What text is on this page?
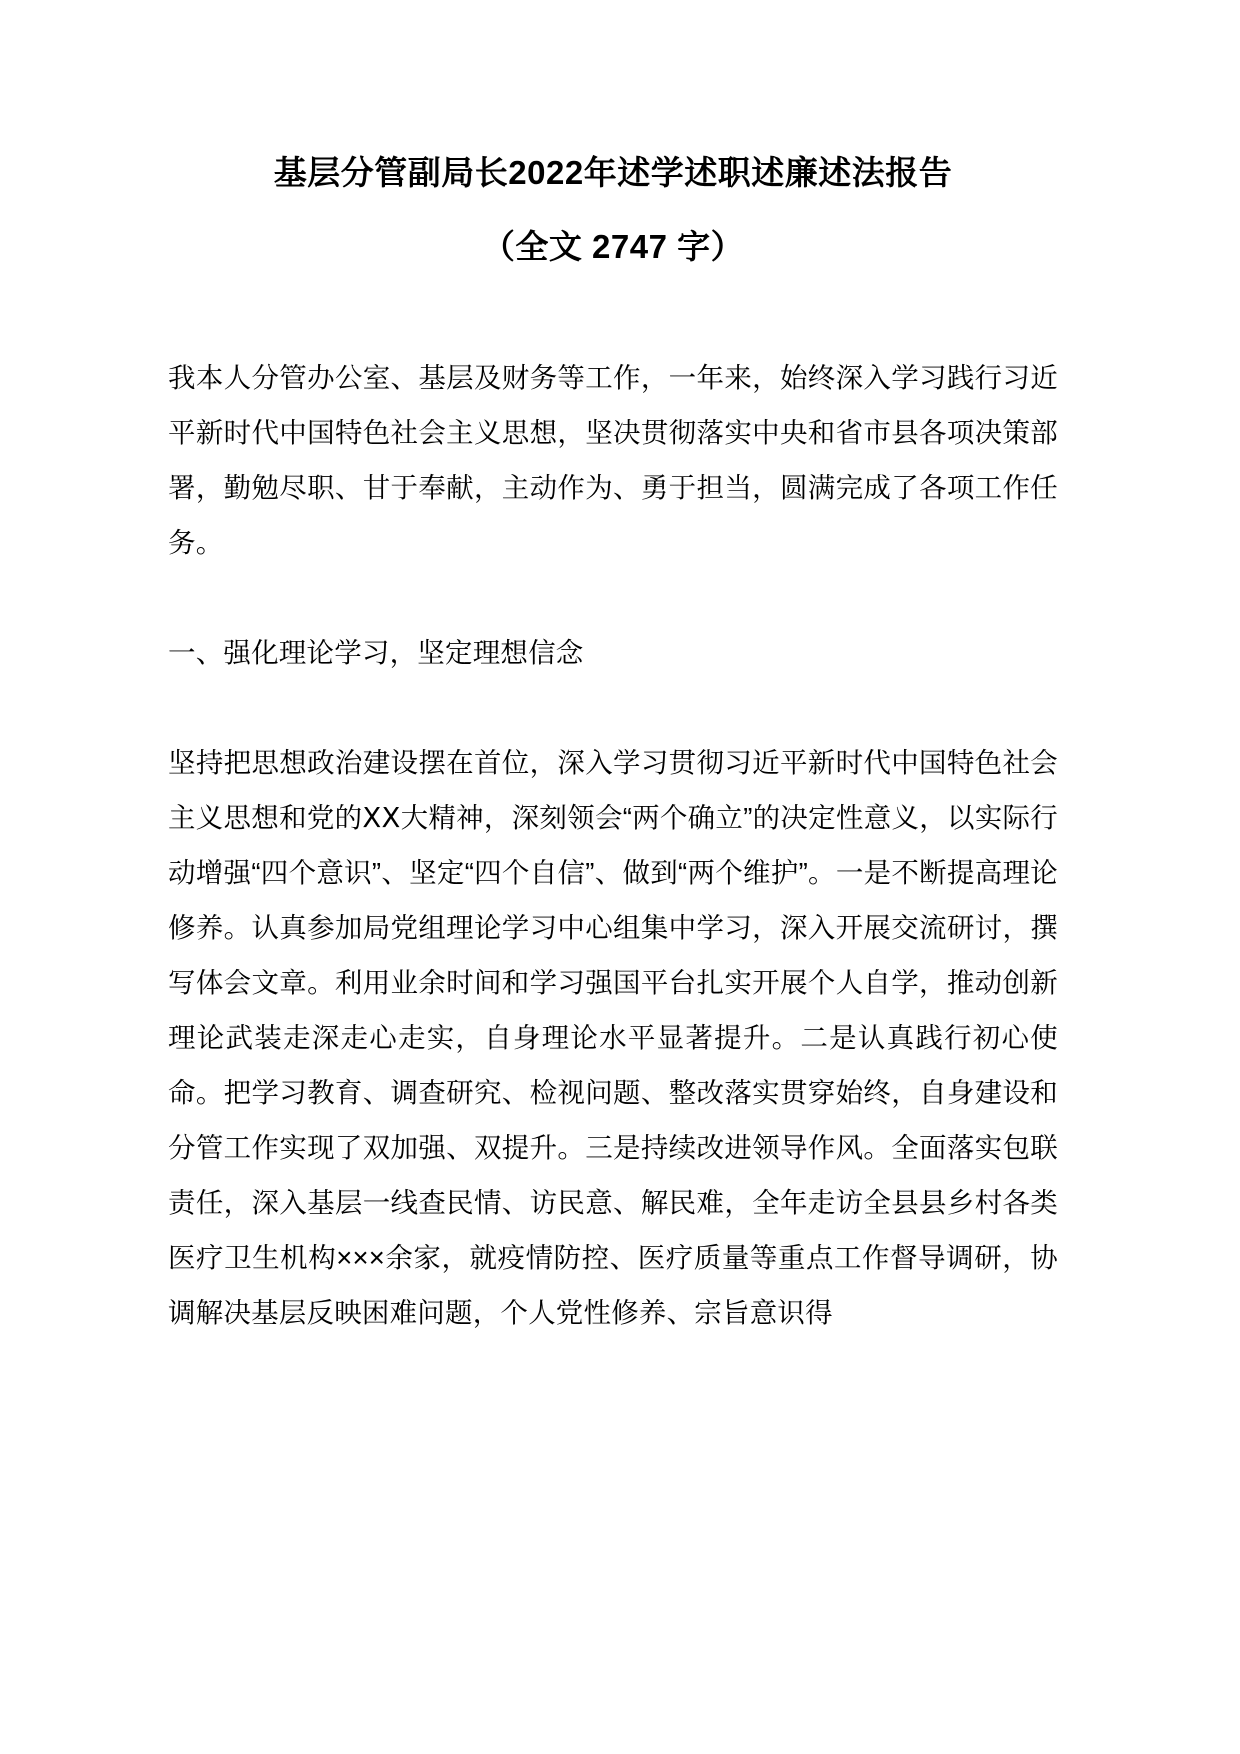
基层分管副局长2022年述学述职述廉述法报告
（全文 2747 字）

我本人分管办公室、基层及财务等工作，一年来，始终深入学习践行习近平新时代中国特色社会主义思想，坚决贯彻落实中央和省市县各项决策部署，勤勉尽职、甘于奉献，主动作为、勇于担当，圆满完成了各项工作任务。

一、强化理论学习，坚定理想信念

坚持把思想政治建设摆在首位，深入学习贯彻习近平新时代中国特色社会主义思想和党的ⅩⅩ大精神，深刻领会“两个确立”的决定性意义，以实际行动增强“四个意识”、坚定“四个自信”、做到“两个维护”。一是不断提高理论修养。认真参加局党组理论学习中心组集中学习，深入开展交流研讨，撰写体会文章。利用业余时间和学习强国平台扎实开展个人自学，推动创新理论武装走深走心走实，自身理论水平显著提升。二是认真践行初心使命。把学习教育、调查研究、检视问题、整改落实贯穿始终，自身建设和分管工作实现了双加强、双提升。三是持续改进领导作风。全面落实包联责任，深入基层一线查民情、访民意、解民难，全年走访全县县乡村各类医疗卫生机构×××余家，就疫情防控、医疗质量等重点工作督导调研，协调解决基层反映困难问题，个人党性修养、宗旨意识得
